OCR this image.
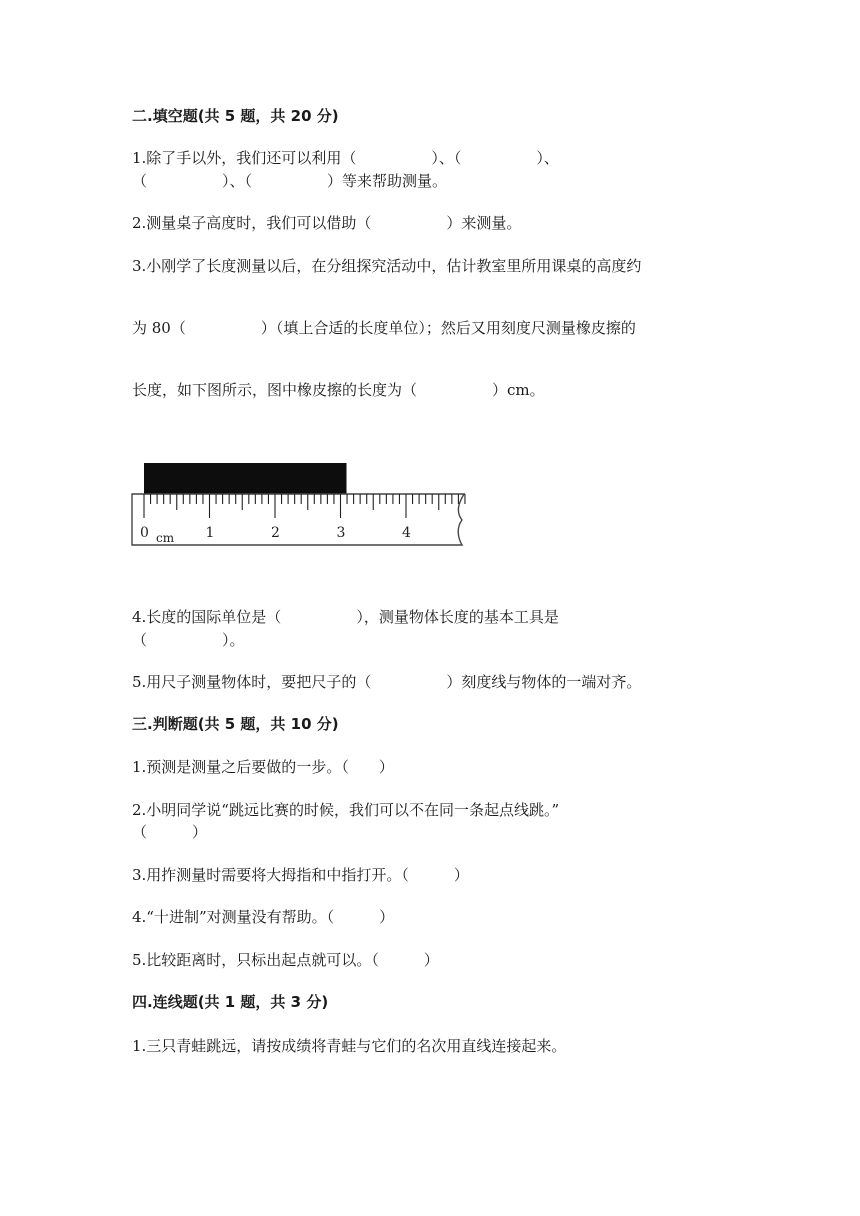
二.填空题(共 5 题，共 20 分)
1.除了手以外，我们还可以利用（　　　　　）、（　　　　　）、
（　　　　　）、（　　　　　）等来帮助测量。
2.测量桌子高度时，我们可以借助（　　　　　）来测量。
3.小刚学了长度测量以后，在分组探究活动中，估计教室里所用课桌的高度约
为 80（　　　　　）（填上合适的长度单位）；然后又用刻度尺测量橡皮擦的
长度，如下图所示，图中橡皮擦的长度为（　　　　　）cm。
0	1	2	3	4
cm
4.长度的国际单位是（　　　　　），测量物体长度的基本工具是
（　　　　　）。
5.用尺子测量物体时，要把尺子的（　　　　　）刻度线与物体的一端对齐。
三.判断题(共 5 题，共 10 分)
1.预测是测量之后要做的一步。（　　）
2.小明同学说“跳远比赛的时候，我们可以不在同一条起点线跳。”
（　　　）
3.用拃测量时需要将大拇指和中指打开。（　　　）
4.“十进制”对测量没有帮助。（　　　）
5.比较距离时，只标出起点就可以。（　　　）
四.连线题(共 1 题，共 3 分)
1.三只青蛙跳远，请按成绩将青蛙与它们的名次用直线连接起来。
